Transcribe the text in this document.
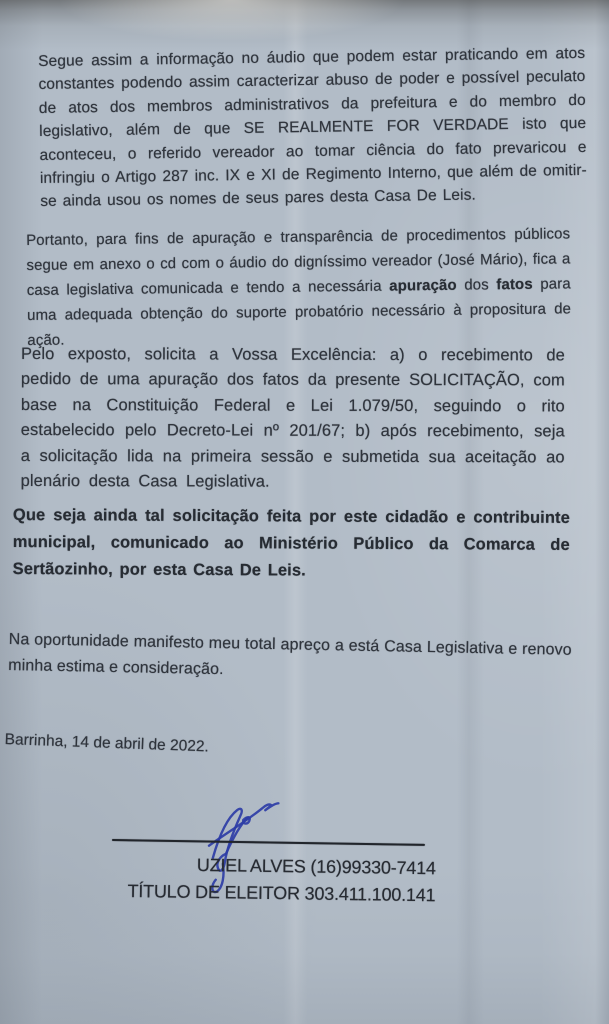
Segue assim a informação no áudio que podem estar praticando em atos constantes podendo assim caracterizar abuso de poder e possível peculato de atos dos membros administrativos da prefeitura e do membro do legislativo, além de que SE REALMENTE FOR VERDADE isto que aconteceu, o referido vereador ao tomar ciência do fato prevaricou e infringiu o Artigo 287 inc. IX e XI de Regimento Interno, que além de omitir-se ainda usou os nomes de seus pares desta Casa De Leis.

Portanto, para fins de apuração e transparência de procedimentos públicos segue em anexo o cd com o áudio do digníssimo vereador (José Mário), fica a casa legislativa comunicada e tendo a necessária apuração dos fatos para uma adequada obtenção do suporte probatório necessário à propositura de ação.

Pelo exposto, solicita a Vossa Excelência: a) o recebimento de pedido de uma apuração dos fatos da presente SOLICITAÇÃO, com base na Constituição Federal e Lei 1.079/50, seguindo o rito estabelecido pelo Decreto-Lei nº 201/67; b) após recebimento, seja a solicitação lida na primeira sessão e submetida sua aceitação ao plenário desta Casa Legislativa.

Que seja ainda tal solicitação feita por este cidadão e contribuinte municipal, comunicado ao Ministério Público da Comarca de Sertãozinho, por esta Casa De Leis.

Na oportunidade manifesto meu total apreço a está Casa Legislativa e renovo minha estima e consideração.

Barrinha, 14 de abril de 2022.
UZIEL ALVES (16)99330-7414
TÍTULO DE ELEITOR 303.411.100.141
